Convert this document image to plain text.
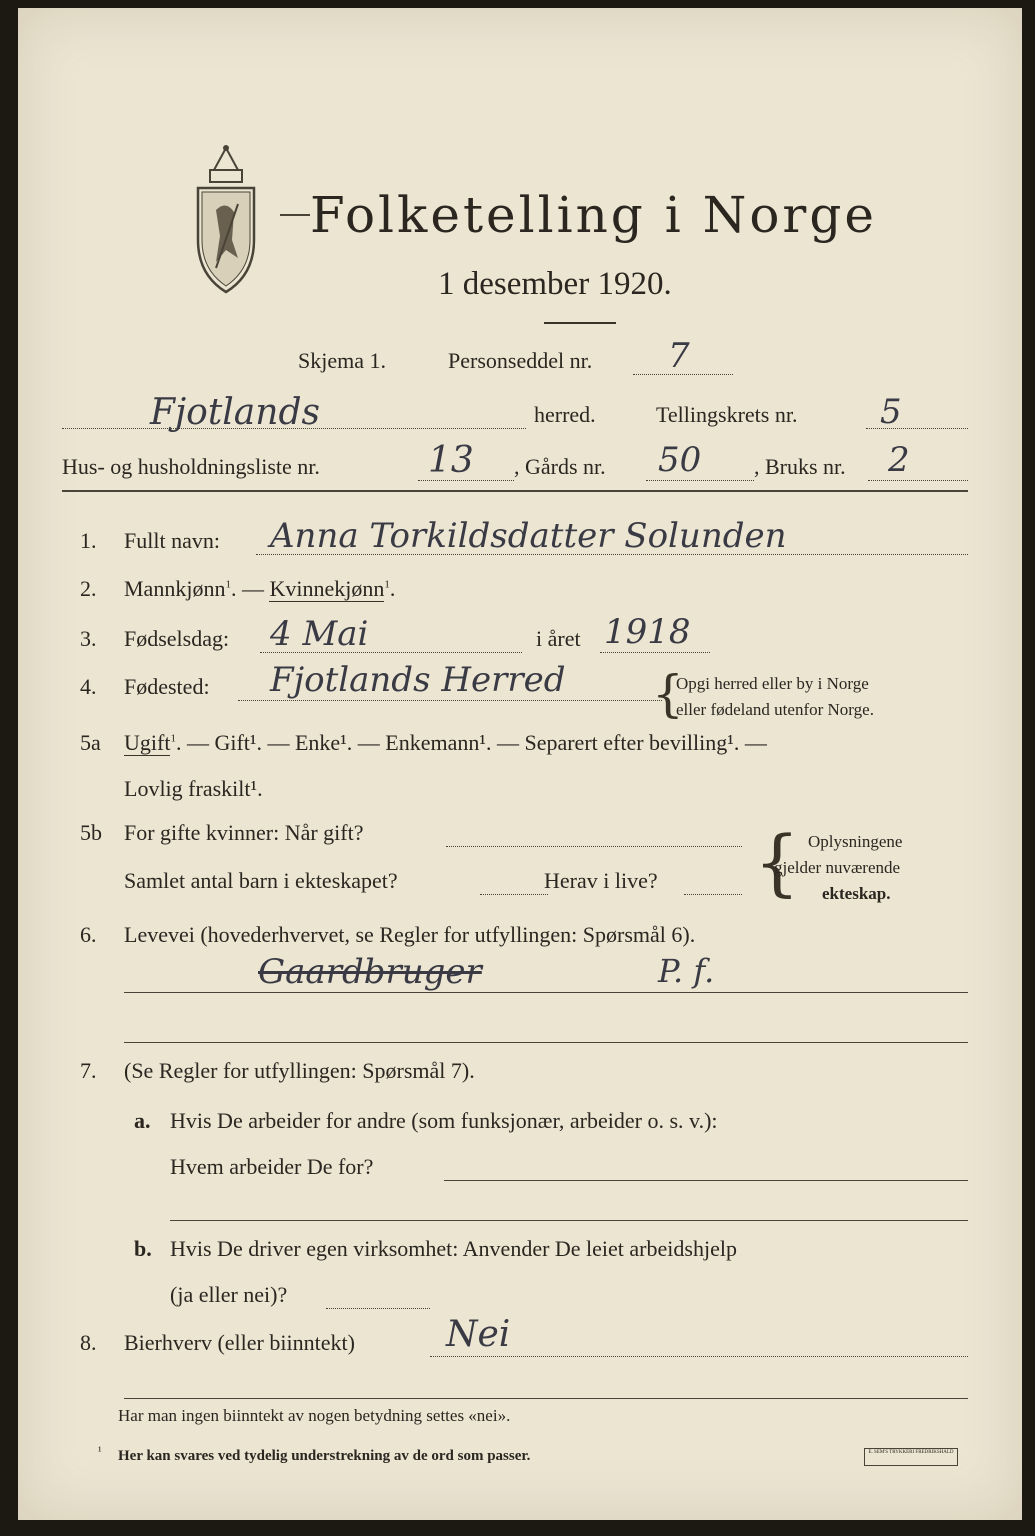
Folketelling i Norge
1 desember 1920.
Skjema 1.	Personseddel nr. 7
Fjotlands	herred.	Tellingskrets nr. 5
Hus- og husholdningsliste nr.	13 , Gårds nr. 50 , Bruks nr. 2
1. Fullt navn: Anna Torkildsdatter Solunden
2. Mannkjønn$^1$. — Kvinnekjønn$^1$.
3. Fødselsdag: 4 Mai	i året 1918
4. Fødested: Fjotlands Herred {
Opgi herred eller by i Norge
eller fødeland utenfor Norge.
5a Ugift$^1$. — Gift¹. — Enke¹. — Enkemann¹. — Separert efter bevilling¹. —
Lovlig fraskilt¹.
5b For gifte kvinner: Når gift?
Samlet antal barn i ekteskapet?	Herav i live? { Oplysningene
gjelder nuværende
ekteskap.
6. Levevei (hovederhvervet, se Regler for utfyllingen: Spørsmål 6).
Gaardbruger	P. f.
7. (Se Regler for utfyllingen: Spørsmål 7).
a. Hvis De arbeider for andre (som funksjonær, arbeider o. s. v.):
Hvem arbeider De for?
b. Hvis De driver egen virksomhet: Anvender De leiet arbeidshjelp
(ja eller nei)?
8. Bierhverv (eller biinntekt)	Nei
Har man ingen biinntekt av nogen betydning settes «nei».
¹ Her kan svares ved tydelig understrekning av de ord som passer.	E. SEM'S TRYKKERI FREDRIKSHALD
